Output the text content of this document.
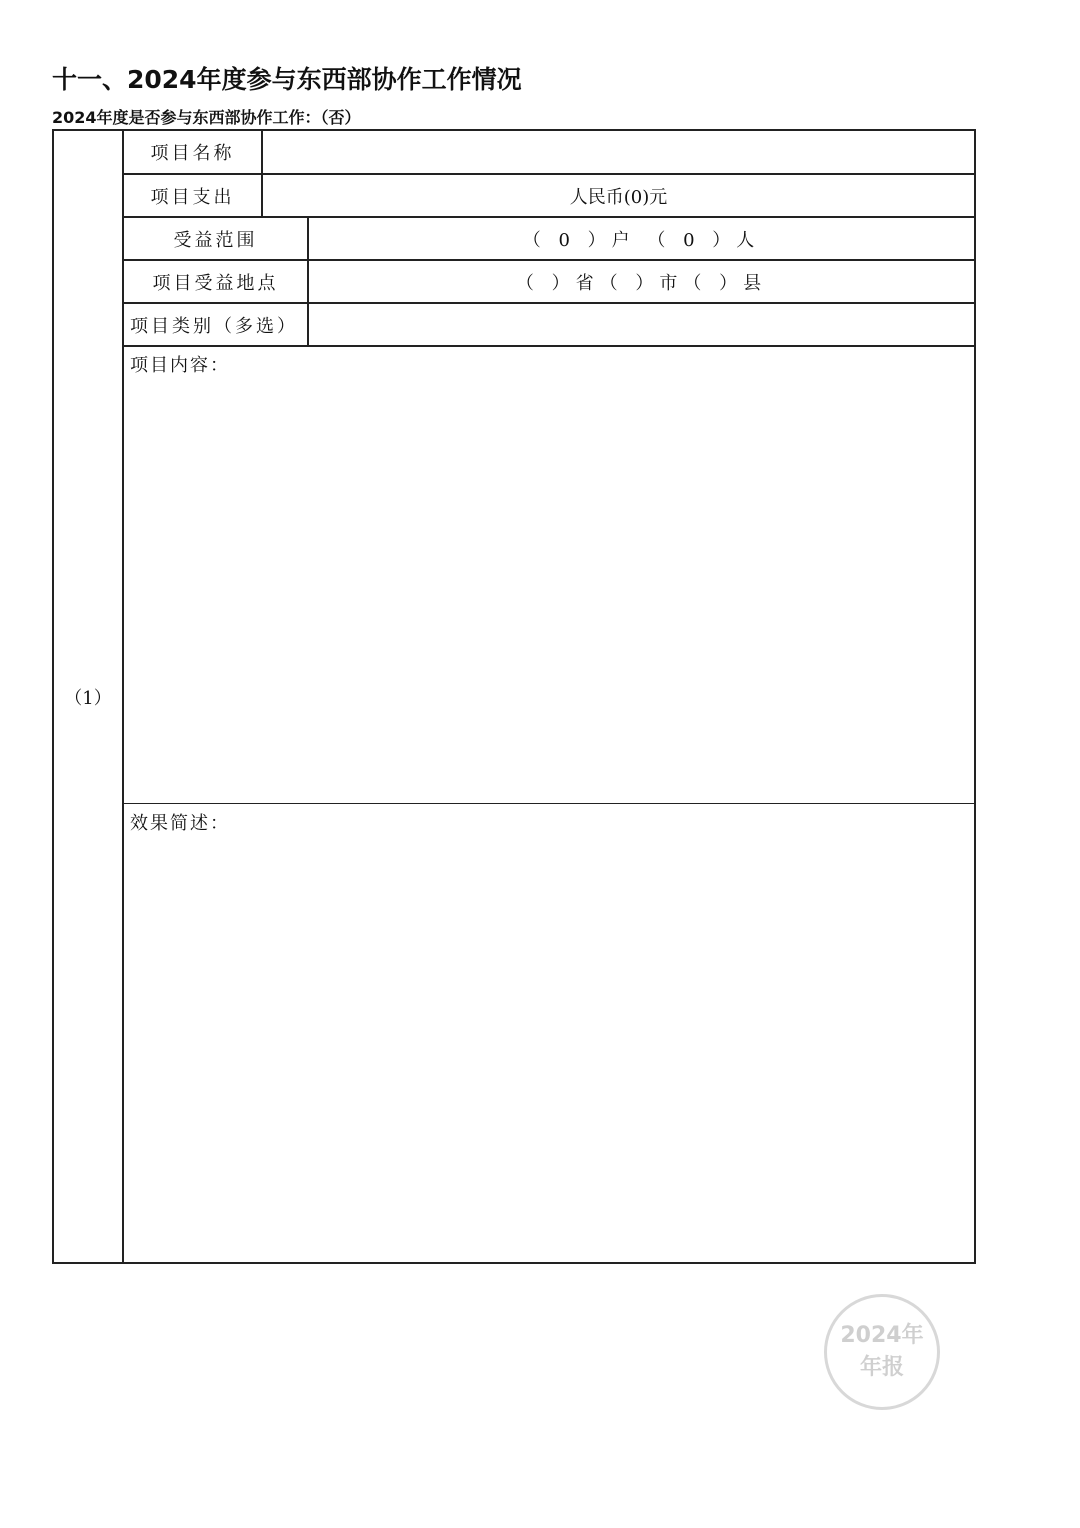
十一、2024年度参与东西部协作工作情况
2024年度是否参与东西部协作工作：（否）
（1）
项目名称
项目支出	人民币(0)元
受益范围	（ 0 ）户 （ 0 ）人
项目受益地点	（ ）省（ ）市（ ）县
项目类别（多选）
项目内容：
效果简述：
2024年
年报
